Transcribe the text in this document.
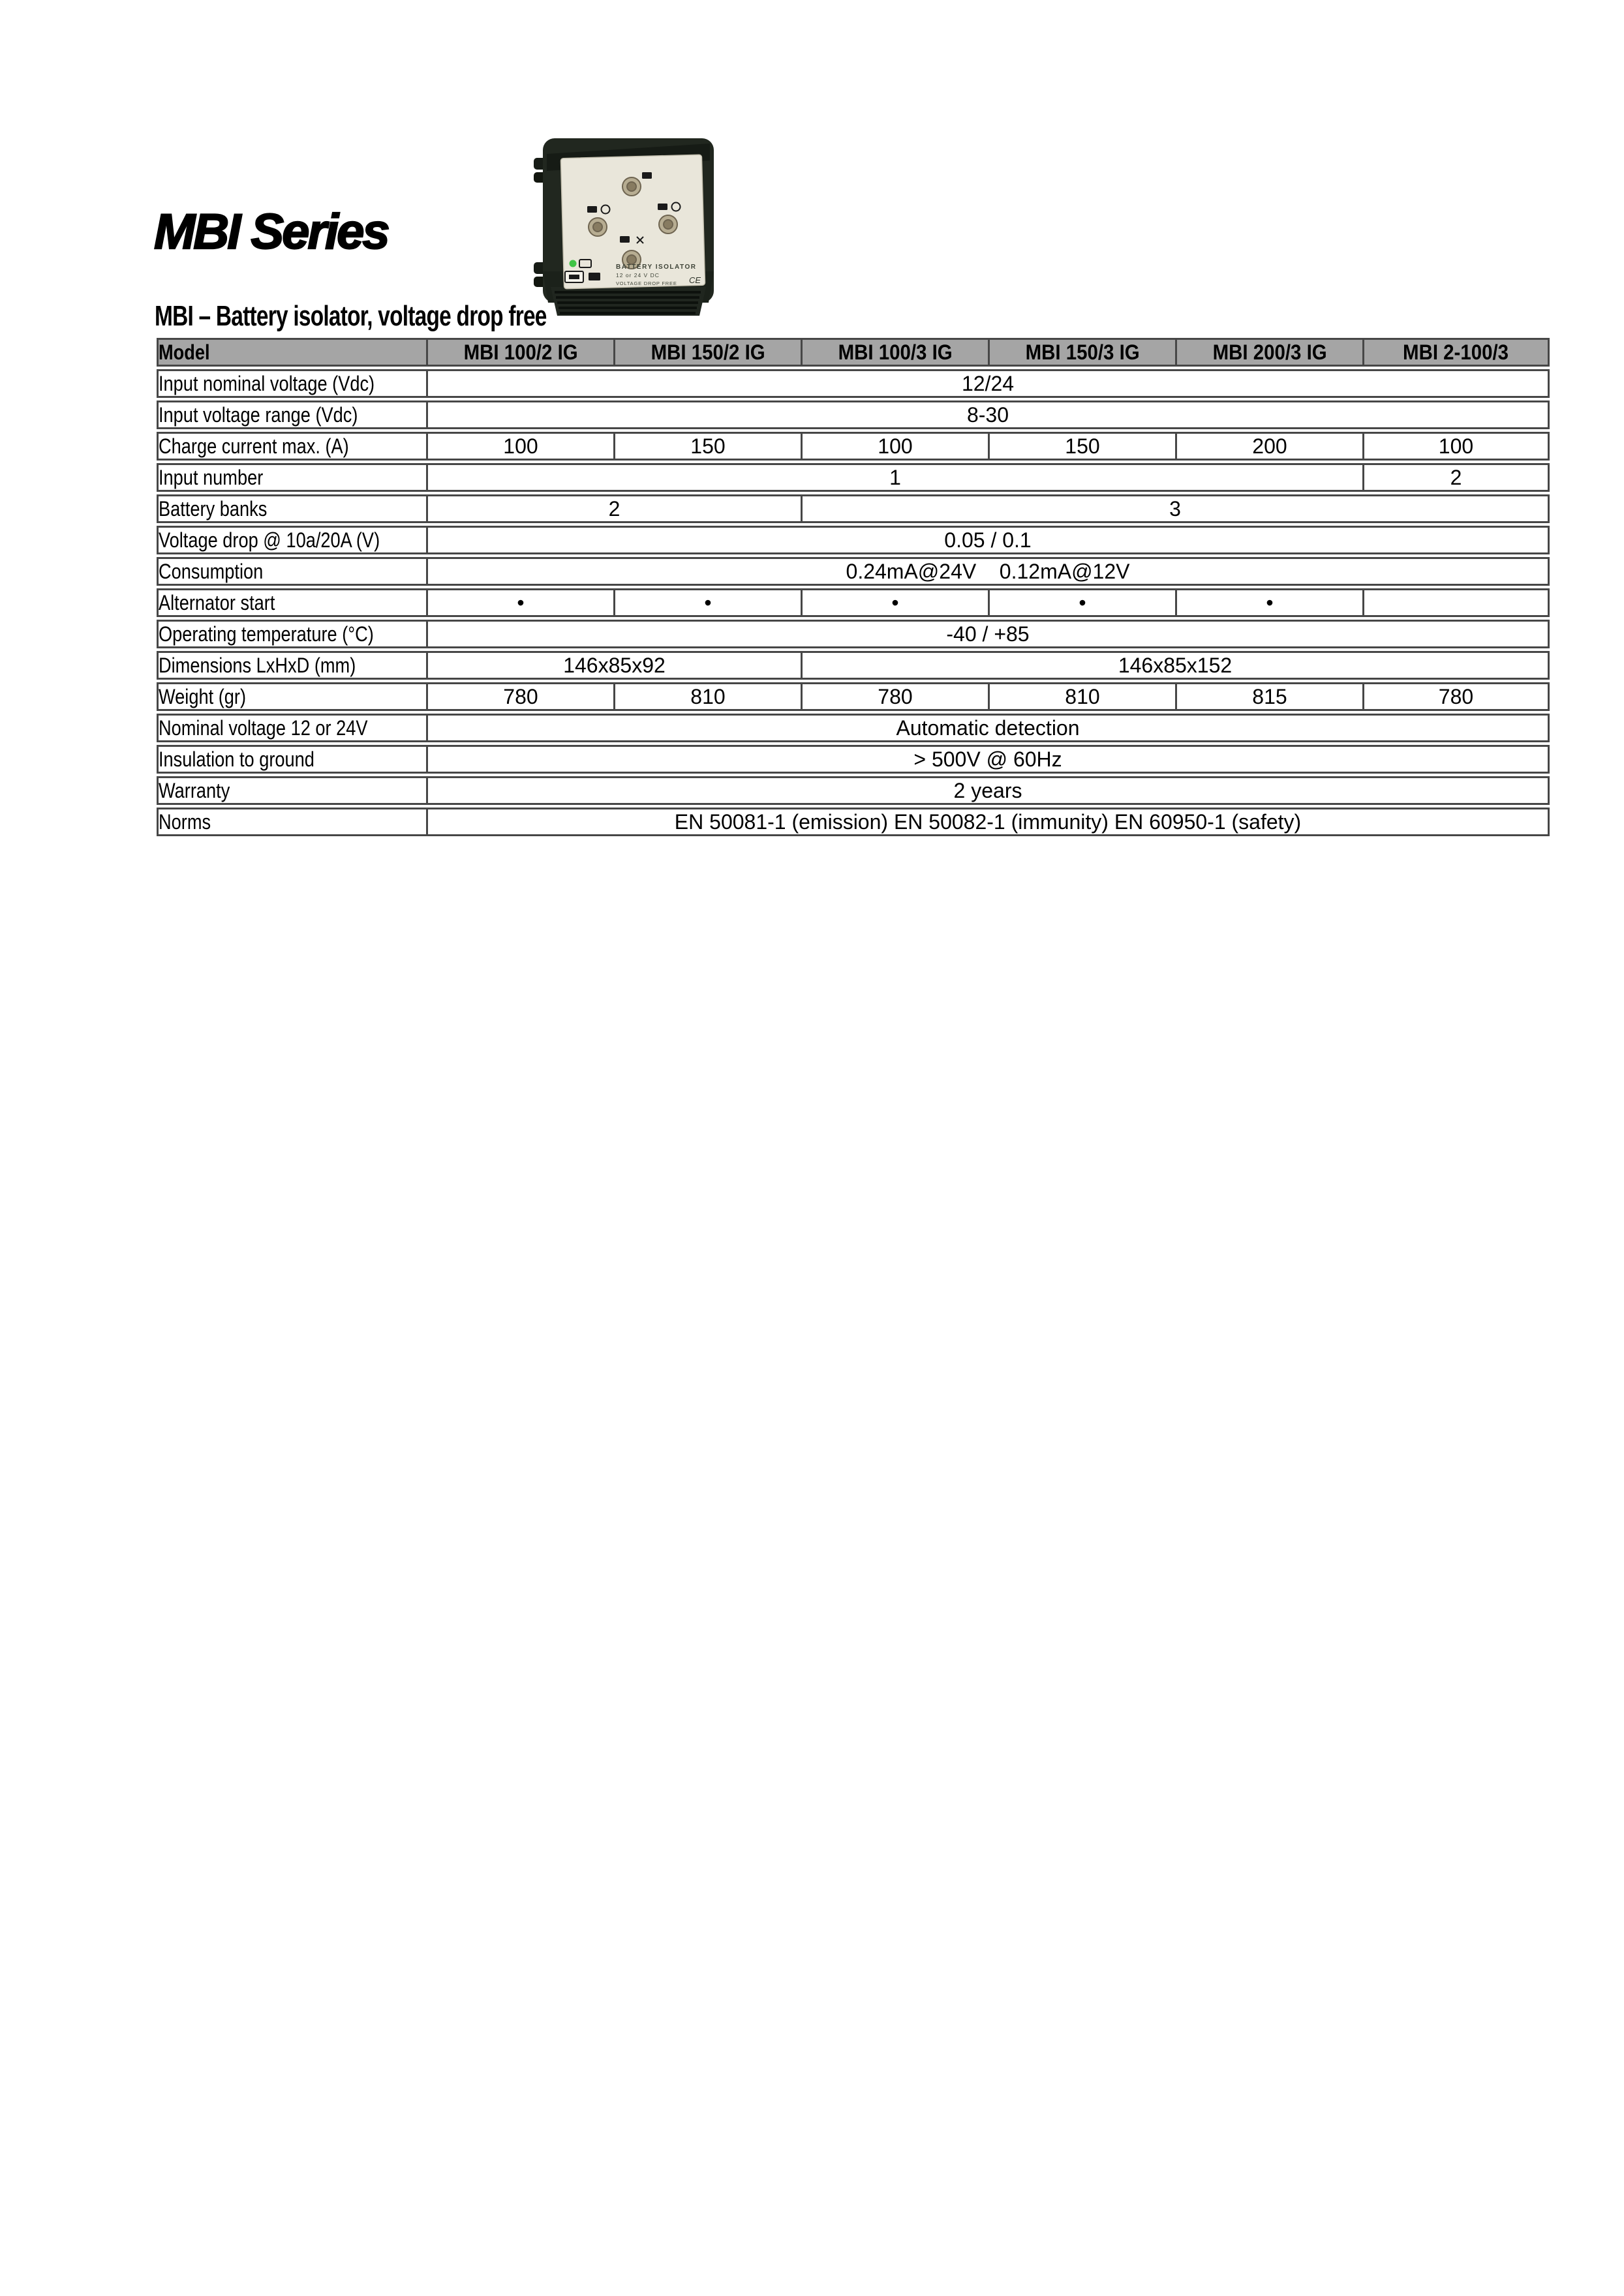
MBI Series
BATTERY ISOLATOR
12 or 24 V DC
VOLTAGE DROP FREE CE
MBI – Battery isolator, voltage drop free
Model	MBI 100/2 IG	MBI 150/2 IG	MBI 100/3 IG	MBI 150/3 IG	MBI 200/3 IG	MBI 2-100/3
Input nominal voltage (Vdc)	12/24					
Input voltage range (Vdc)	8-30					
Charge current max. (A)	100	150	100	150	200	100
Input number	1					2
Battery banks	2		3			
Voltage drop @ 10a/20A (V)	0.05 / 0.1					
Consumption	0.24mA@24V    0.12mA@12V					
Alternator start	•	•	•	•	•	
Operating temperature (°C)	-40 / +85					
Dimensions LxHxD (mm)	146x85x92		146x85x152			
Weight (gr)	780	810	780	810	815	780
Nominal voltage 12 or 24V	Automatic detection					
Insulation to ground	> 500V @ 60Hz					
Warranty	2 years					
Norms	EN 50081-1 (emission) EN 50082-1 (immunity) EN 60950-1 (safety)					
